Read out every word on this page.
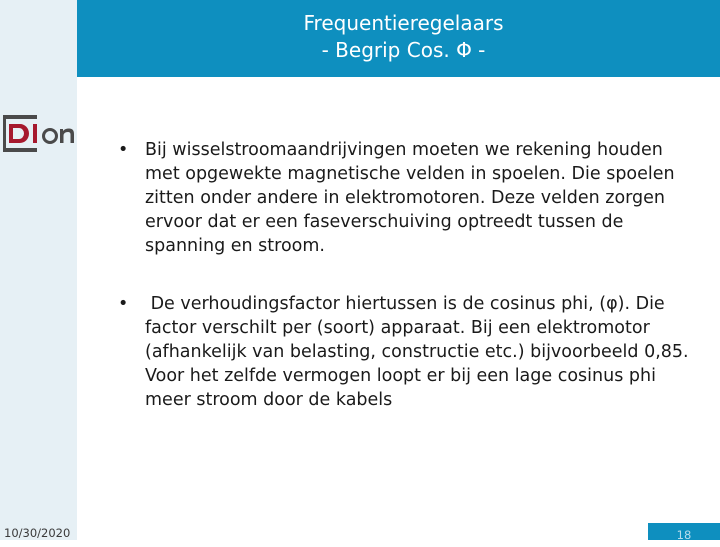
Frequentieregelaars
- Begrip Cos. Φ -
• Bij wisselstroomaandrijvingen moeten we rekening houden met opgewekte magnetische velden in spoelen. Die spoelen zitten onder andere in elektromotoren. Deze velden zorgen ervoor dat er een faseverschuiving optreedt tussen de spanning en stroom.
• De verhoudingsfactor hiertussen is de cosinus phi, (φ). Die factor verschilt per (soort) apparaat. Bij een elektromotor (afhankelijk van belasting, constructie etc.) bijvoorbeeld 0,85. Voor het zelfde vermogen loopt er bij een lage cosinus phi meer stroom door de kabels
10/30/2020	18
